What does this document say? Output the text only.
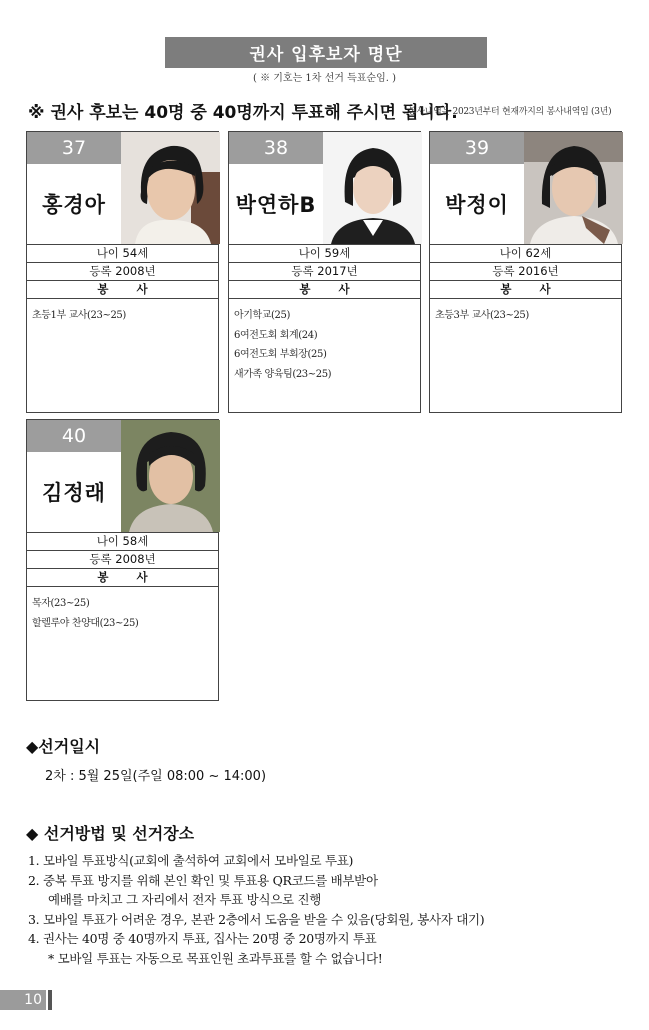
권사 입후보자 명단
( ※ 기호는 1차 선거 득표순임. )
※ 권사 후보는 40명 중 40명까지 투표해 주시면 됩니다.
봉사내역은 2023년부터 현재까지의 봉사내역임 (3년)
37
홍경아
나이 54세
등록 2008년
봉 사
초등1부 교사(23~25)
38
박연하B
나이 59세
등록 2017년
봉 사
아기학교(25)
6여전도회 회계(24)
6여전도회 부회장(25)
새가족 양육팀(23~25)
39
박정이
나이 62세
등록 2016년
봉 사
초등3부 교사(23~25)
40
김정래
나이 58세
등록 2008년
봉 사
목자(23~25)
할렐루야 찬양대(23~25)
◆선거일시
2차 : 5월 25일(주일 08:00 ~ 14:00)
◆ 선거방법 및 선거장소
1. 모바일 투표방식(교회에 출석하여 교회에서 모바일로 투표)
2. 중복 투표 방지를 위해 본인 확인 및 투표용 QR코드를 배부받아
예배를 마치고 그 자리에서 전자 투표 방식으로 진행
3. 모바일 투표가 어려운 경우, 본관 2층에서 도움을 받을 수 있음(당회원, 봉사자 대기)
4. 권사는 40명 중 40명까지 투표, 집사는 20명 중 20명까지 투표
* 모바일 투표는 자동으로 목표인원 초과투표를 할 수 없습니다!
10
